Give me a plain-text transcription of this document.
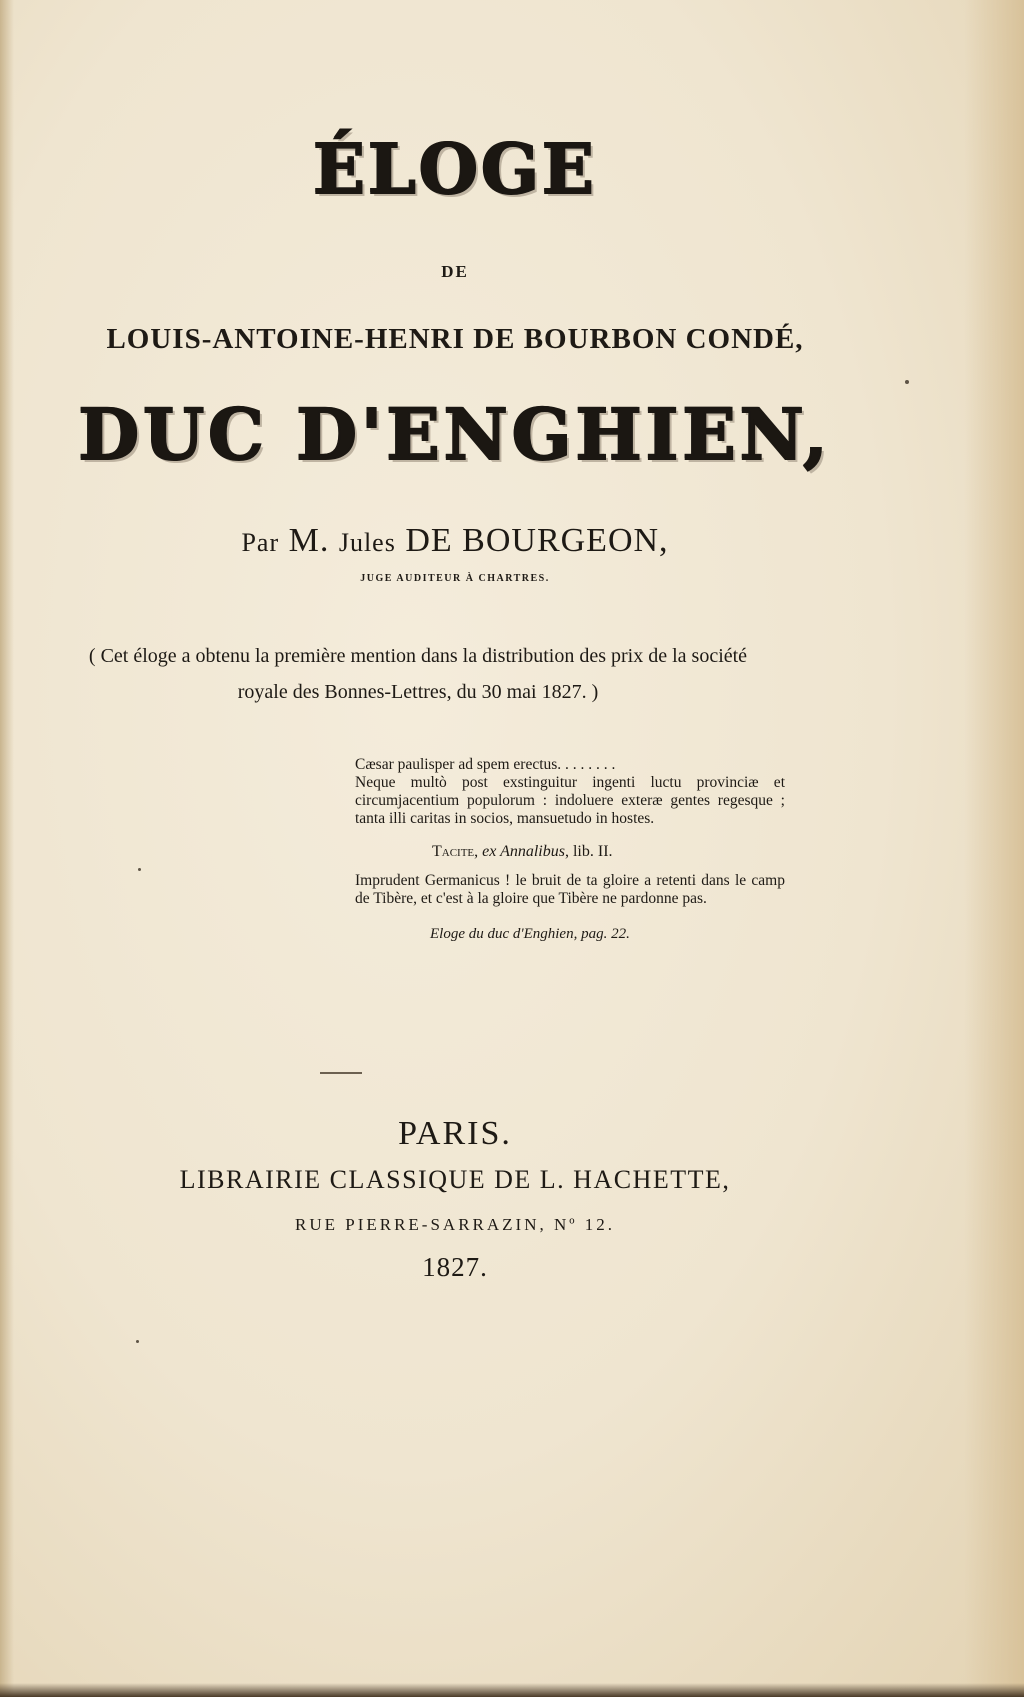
ÉLOGE
DE
LOUIS-ANTOINE-HENRI DE BOURBON CONDÉ,
DUC D'ENGHIEN,
Par M. Jules DE BOURGEON,
JUGE AUDITEUR À CHARTRES.
( Cet éloge a obtenu la première mention dans la distribution des prix de la société royale des Bonnes-Lettres, du 30 mai 1827. )
Cæsar paulisper ad spem erectus. . . . . . . .
Neque multò post exstinguitur ingenti luctu provinciæ et circumjacentium populorum : indoluere exteræ gentes regesque ; tanta illi caritas in socios, mansuetudo in hostes.
Tacite, ex Annalibus, lib. II.
Imprudent Germanicus ! le bruit de ta gloire a retenti dans le camp de Tibère, et c'est à la gloire que Tibère ne pardonne pas.
Eloge du duc d'Enghien, pag. 22.
PARIS.
LIBRAIRIE CLASSIQUE DE L. HACHETTE,
RUE PIERRE-SARRAZIN, Nº 12.
1827.
